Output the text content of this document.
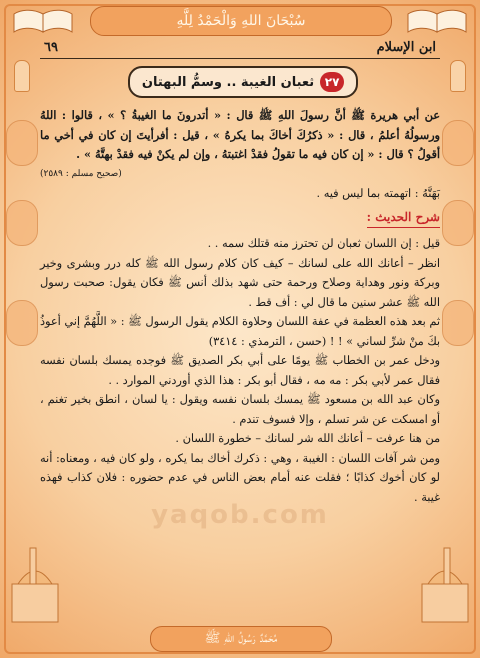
سُبْحَانَ اللهِ وَالْحَمْدُ لِلَّهِ
مُحَمَّدٌ رَسُولُ اللهِ ﷺ
yaqob.com
ابن الإسلام
٦٩
٢٧
ثعبان الغيبة .. وسمُّ البهتان

عن أبي هريرة ﷺ أنَّ رسولَ اللهِ ﷺ قال : « أتدرونَ ما الغيبةُ ؟ » ، قالوا : اللهُ ورسولُهُ أعلمُ ، قال : « ذكرُكَ أخاكَ بما يكرهُ » ، قيل : أفرأيتَ إن كان في أخي ما أقولُ ؟ قال : « إن كان فيه ما تقولُ فقدْ اغتبتهُ ، وإن لم يكنْ فيه فقدْ بهتَّهُ » .

(صحيح مسلم : ٢٥٨٩)

بَهَتَّهُ : اتهمته بما ليس فيه .

شرح الحديث :

قيل : إن اللسان ثعبان لن تحترز منه قتلك سمه . .

انظر – أعانك الله على لسانك – كيف كان كلام رسول الله ﷺ كله درر وبشرى وخير وبركة ونور وهداية وصلاح ورحمة حتى شهد بذلك أنس ﷺ فكان يقول: صحبت رسول الله ﷺ عشر سنين ما قال لي : أف قط .

ثم بعد هذه العظمة في عفة اللسان وحلاوة الكلام يقول الرسول ﷺ : « اللَّهُمَّ إني أعوذُ بكَ منْ شرِّ لساني » ! ! (حسن ، الترمذي : ٣٤١٤)

ودخل عمر بن الخطاب ﷺ يومًا على أبي بكر الصديق ﷺ فوجده يمسك بلسان نفسه فقال عمر لأبي بكر : مه مه ، فقال أبو بكر : هذا الذي أوردني الموارد . .

وكان عبد الله بن مسعود ﷺ يمسك بلسان نفسه ويقول : يا لسان ، انطق بخير تغنم ، أو امسكت عن شر تسلم ، وإلا فسوف تندم .

من هنا عرفت – أعانك الله شر لسانك – خطورة اللسان .

ومن شر آفات اللسان : الغيبة ، وهي : ذكرك أخاك بما يكره ، ولو كان فيه ، ومعناه: أنه لو كان أخوك كذابًا ؛ فقلت عنه أمام بعض الناس في عدم حضوره : فلان كذاب فهذه غيبة .
